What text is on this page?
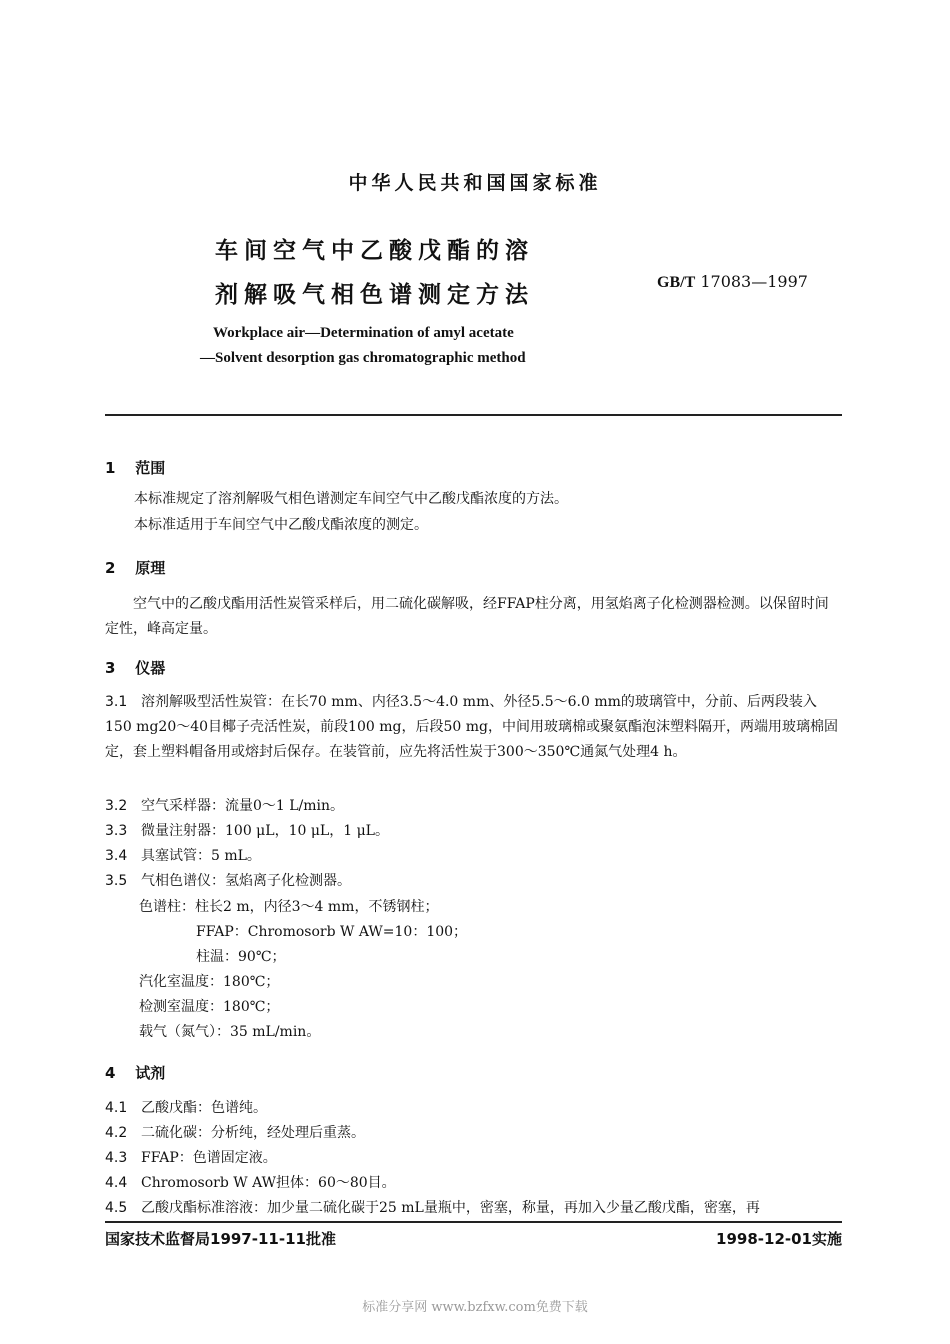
中华人民共和国国家标准
车间空气中乙酸戊酯的溶
剂解吸气相色谱测定方法	GB/T 17083—1997
Workplace air—Determination of amyl acetate
—Solvent desorption gas chromatographic method
1 范围
本标准规定了溶剂解吸气相色谱测定车间空气中乙酸戊酯浓度的方法。
本标准适用于车间空气中乙酸戊酯浓度的测定。
2 原理
空气中的乙酸戊酯用活性炭管采样后，用二硫化碳解吸，经FFAP柱分离，用氢焰离子化检测器检测。以保留时间定性，峰高定量。
3 仪器
3.1 溶剂解吸型活性炭管：在长70 mm、内径3.5～4.0 mm、外径5.5～6.0 mm的玻璃管中，分前、后两段装入150 mg20～40目椰子壳活性炭，前段100 mg，后段50 mg，中间用玻璃棉或聚氨酯泡沫塑料隔开，两端用玻璃棉固定，套上塑料帽备用或熔封后保存。在装管前，应先将活性炭于300～350℃通氮气处理4 h。
3.2 空气采样器：流量0～1 L/min。
3.3 微量注射器：100 μL，10 μL，1 μL。
3.4 具塞试管：5 mL。
3.5 气相色谱仪：氢焰离子化检测器。
色谱柱：柱长2 m，内径3～4 mm，不锈钢柱；
FFAP：Chromosorb W AW=10：100；
柱温：90℃；
汽化室温度：180℃；
检测室温度：180℃；
载气（氮气）：35 mL/min。
4 试剂
4.1 乙酸戊酯：色谱纯。
4.2 二硫化碳：分析纯，经处理后重蒸。
4.3 FFAP：色谱固定液。
4.4 Chromosorb W AW担体：60～80目。
4.5 乙酸戊酯标准溶液：加少量二硫化碳于25 mL量瓶中，密塞，称量，再加入少量乙酸戊酯，密塞，再
国家技术监督局1997-11-11批准	1998-12-01实施
标准分享网 www.bzfxw.com免费下载
